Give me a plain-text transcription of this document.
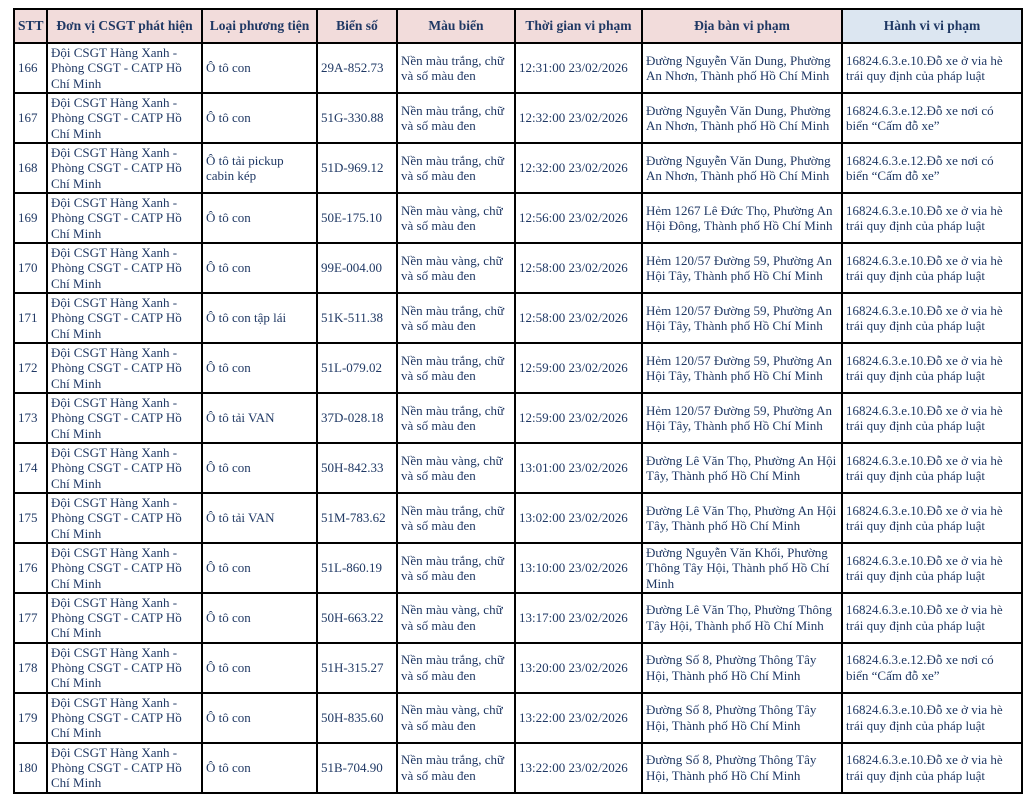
STT	Đơn vị CSGT phát hiện	Loại phương tiện	Biển số	Màu biển	Thời gian vi phạm	Địa bàn vi phạm	Hành vi vi phạm
166	Đội CSGT Hàng Xanh - Phòng CSGT - CATP Hồ Chí Minh	Ô tô con	29A-852.73	Nền màu trắng, chữ và số màu đen	12:31:00 23/02/2026	Đường Nguyễn Văn Dung, Phường An Nhơn, Thành phố Hồ Chí Minh	16824.6.3.e.10.Đỗ xe ở via hè trái quy định của pháp luật
167	Đội CSGT Hàng Xanh - Phòng CSGT - CATP Hồ Chí Minh	Ô tô con	51G-330.88	Nền màu trắng, chữ và số màu đen	12:32:00 23/02/2026	Đường Nguyễn Văn Dung, Phường An Nhơn, Thành phố Hồ Chí Minh	16824.6.3.e.12.Đỗ xe nơi có biển “Cấm đỗ xe”
168	Đội CSGT Hàng Xanh - Phòng CSGT - CATP Hồ Chí Minh	Ô tô tải pickup cabin kép	51D-969.12	Nền màu trắng, chữ và số màu đen	12:32:00 23/02/2026	Đường Nguyễn Văn Dung, Phường An Nhơn, Thành phố Hồ Chí Minh	16824.6.3.e.12.Đỗ xe nơi có biển “Cấm đỗ xe”
169	Đội CSGT Hàng Xanh - Phòng CSGT - CATP Hồ Chí Minh	Ô tô con	50E-175.10	Nền màu vàng, chữ và số màu đen	12:56:00 23/02/2026	Hẻm 1267 Lê Đức Thọ, Phường An Hội Đông, Thành phố Hồ Chí Minh	16824.6.3.e.10.Đỗ xe ở via hè trái quy định của pháp luật
170	Đội CSGT Hàng Xanh - Phòng CSGT - CATP Hồ Chí Minh	Ô tô con	99E-004.00	Nền màu vàng, chữ và số màu đen	12:58:00 23/02/2026	Hẻm 120/57 Đường 59, Phường An Hội Tây, Thành phố Hồ Chí Minh	16824.6.3.e.10.Đỗ xe ở via hè trái quy định của pháp luật
171	Đội CSGT Hàng Xanh - Phòng CSGT - CATP Hồ Chí Minh	Ô tô con tập lái	51K-511.38	Nền màu trắng, chữ và số màu đen	12:58:00 23/02/2026	Hẻm 120/57 Đường 59, Phường An Hội Tây, Thành phố Hồ Chí Minh	16824.6.3.e.10.Đỗ xe ở via hè trái quy định của pháp luật
172	Đội CSGT Hàng Xanh - Phòng CSGT - CATP Hồ Chí Minh	Ô tô con	51L-079.02	Nền màu trắng, chữ và số màu đen	12:59:00 23/02/2026	Hẻm 120/57 Đường 59, Phường An Hội Tây, Thành phố Hồ Chí Minh	16824.6.3.e.10.Đỗ xe ở via hè trái quy định của pháp luật
173	Đội CSGT Hàng Xanh - Phòng CSGT - CATP Hồ Chí Minh	Ô tô tải VAN	37D-028.18	Nền màu trắng, chữ và số màu đen	12:59:00 23/02/2026	Hẻm 120/57 Đường 59, Phường An Hội Tây, Thành phố Hồ Chí Minh	16824.6.3.e.10.Đỗ xe ở via hè trái quy định của pháp luật
174	Đội CSGT Hàng Xanh - Phòng CSGT - CATP Hồ Chí Minh	Ô tô con	50H-842.33	Nền màu vàng, chữ và số màu đen	13:01:00 23/02/2026	Đường Lê Văn Thọ, Phường An Hội Tây, Thành phố Hồ Chí Minh	16824.6.3.e.10.Đỗ xe ở via hè trái quy định của pháp luật
175	Đội CSGT Hàng Xanh - Phòng CSGT - CATP Hồ Chí Minh	Ô tô tải VAN	51M-783.62	Nền màu trắng, chữ và số màu đen	13:02:00 23/02/2026	Đường Lê Văn Thọ, Phường An Hội Tây, Thành phố Hồ Chí Minh	16824.6.3.e.10.Đỗ xe ở via hè trái quy định của pháp luật
176	Đội CSGT Hàng Xanh - Phòng CSGT - CATP Hồ Chí Minh	Ô tô con	51L-860.19	Nền màu trắng, chữ và số màu đen	13:10:00 23/02/2026	Đường Nguyễn Văn Khối, Phường Thông Tây Hội, Thành phố Hồ Chí Minh	16824.6.3.e.10.Đỗ xe ở via hè trái quy định của pháp luật
177	Đội CSGT Hàng Xanh - Phòng CSGT - CATP Hồ Chí Minh	Ô tô con	50H-663.22	Nền màu vàng, chữ và số màu đen	13:17:00 23/02/2026	Đường Lê Văn Thọ, Phường Thông Tây Hội, Thành phố Hồ Chí Minh	16824.6.3.e.10.Đỗ xe ở via hè trái quy định của pháp luật
178	Đội CSGT Hàng Xanh - Phòng CSGT - CATP Hồ Chí Minh	Ô tô con	51H-315.27	Nền màu trắng, chữ và số màu đen	13:20:00 23/02/2026	Đường Số 8, Phường Thông Tây Hội, Thành phố Hồ Chí Minh	16824.6.3.e.12.Đỗ xe nơi có biển “Cấm đỗ xe”
179	Đội CSGT Hàng Xanh - Phòng CSGT - CATP Hồ Chí Minh	Ô tô con	50H-835.60	Nền màu vàng, chữ và số màu đen	13:22:00 23/02/2026	Đường Số 8, Phường Thông Tây Hội, Thành phố Hồ Chí Minh	16824.6.3.e.10.Đỗ xe ở via hè trái quy định của pháp luật
180	Đội CSGT Hàng Xanh - Phòng CSGT - CATP Hồ Chí Minh	Ô tô con	51B-704.90	Nền màu trắng, chữ và số màu đen	13:22:00 23/02/2026	Đường Số 8, Phường Thông Tây Hội, Thành phố Hồ Chí Minh	16824.6.3.e.10.Đỗ xe ở via hè trái quy định của pháp luật
